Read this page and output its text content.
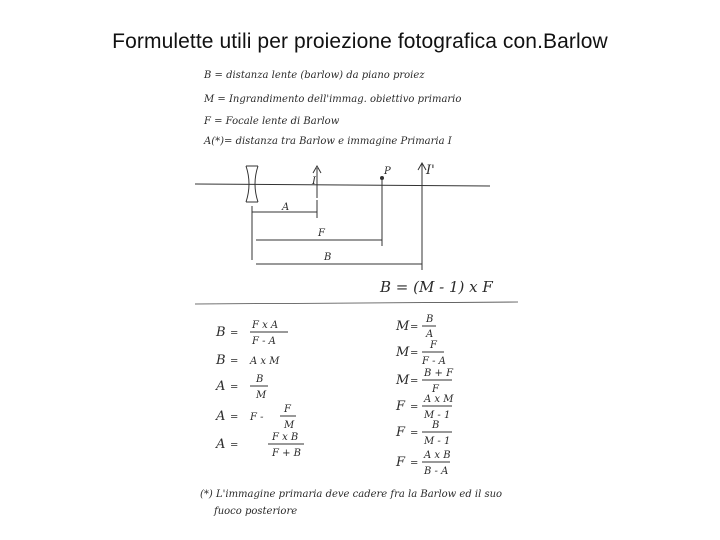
Formulette utili per proiezione fotografica con.Barlow
B = distanza lente (barlow) da piano proiez
M = Ingrandimento dell'immag. obiettivo primario
F = Focale lente di Barlow
A(*)= distanza tra Barlow e immagine Primaria I
I
P	I'
A
F
B
B = (M - 1) x F
B =
F x A
F - A
B = A x M
A =
B
M
A = F -
F
M
A =
F x B
F + B
M =
B
A
M =
F
F - A
M =
B + F
F
F =
A x M
M - 1
F =
B
M - 1
F =
A x B
B - A
(*) L'immagine primaria deve cadere fra la Barlow ed il suo
fuoco posteriore
